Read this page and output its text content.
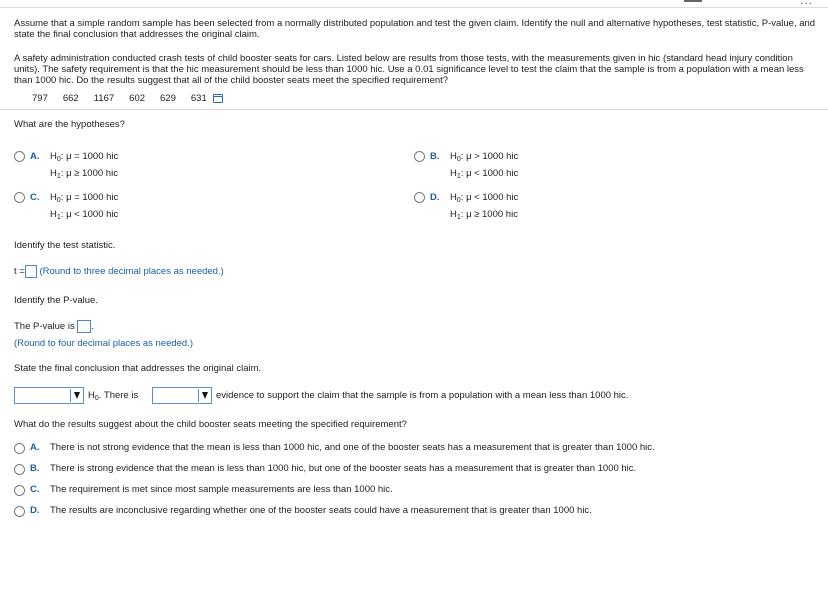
...
Assume that a simple random sample has been selected from a normally distributed population and test the given claim. Identify the null and alternative hypotheses, test statistic, P-value, and state the final conclusion that addresses the original claim.
A safety administration conducted crash tests of child booster seats for cars. Listed below are results from those tests, with the measurements given in hic (standard head injury condition units). The safety requirement is that the hic measurement should be less than 1000 hic. Use a 0.01 significance level to test the claim that the sample is from a population with a mean less than 1000 hic. Do the results suggest that all of the child booster seats meet the specified requirement?
797 662 1167 602 629 631
What are the hypotheses?
A. $H_0$: μ = 1000 hic
$H_1$: μ ≥ 1000 hic
B. $H_0$: μ > 1000 hic
$H_1$: μ < 1000 hic
C. $H_0$: μ = 1000 hic
$H_1$: μ < 1000 hic
D. $H_0$: μ < 1000 hic
$H_1$: μ ≥ 1000 hic
Identify the test statistic.
t = (Round to three decimal places as needed.)
Identify the P-value.
The P-value is .
(Round to four decimal places as needed.)
State the final conclusion that addresses the original claim.
$H_0$. There is	evidence to support the claim that the sample is from a population with a mean less than 1000 hic.
What do the results suggest about the child booster seats meeting the specified requirement?
A. There is not strong evidence that the mean is less than 1000 hic, and one of the booster seats has a measurement that is greater than 1000 hic.
B. There is strong evidence that the mean is less than 1000 hic, but one of the booster seats has a measurement that is greater than 1000 hic.
C. The requirement is met since most sample measurements are less than 1000 hic.
D. The results are inconclusive regarding whether one of the booster seats could have a measurement that is greater than 1000 hic.
